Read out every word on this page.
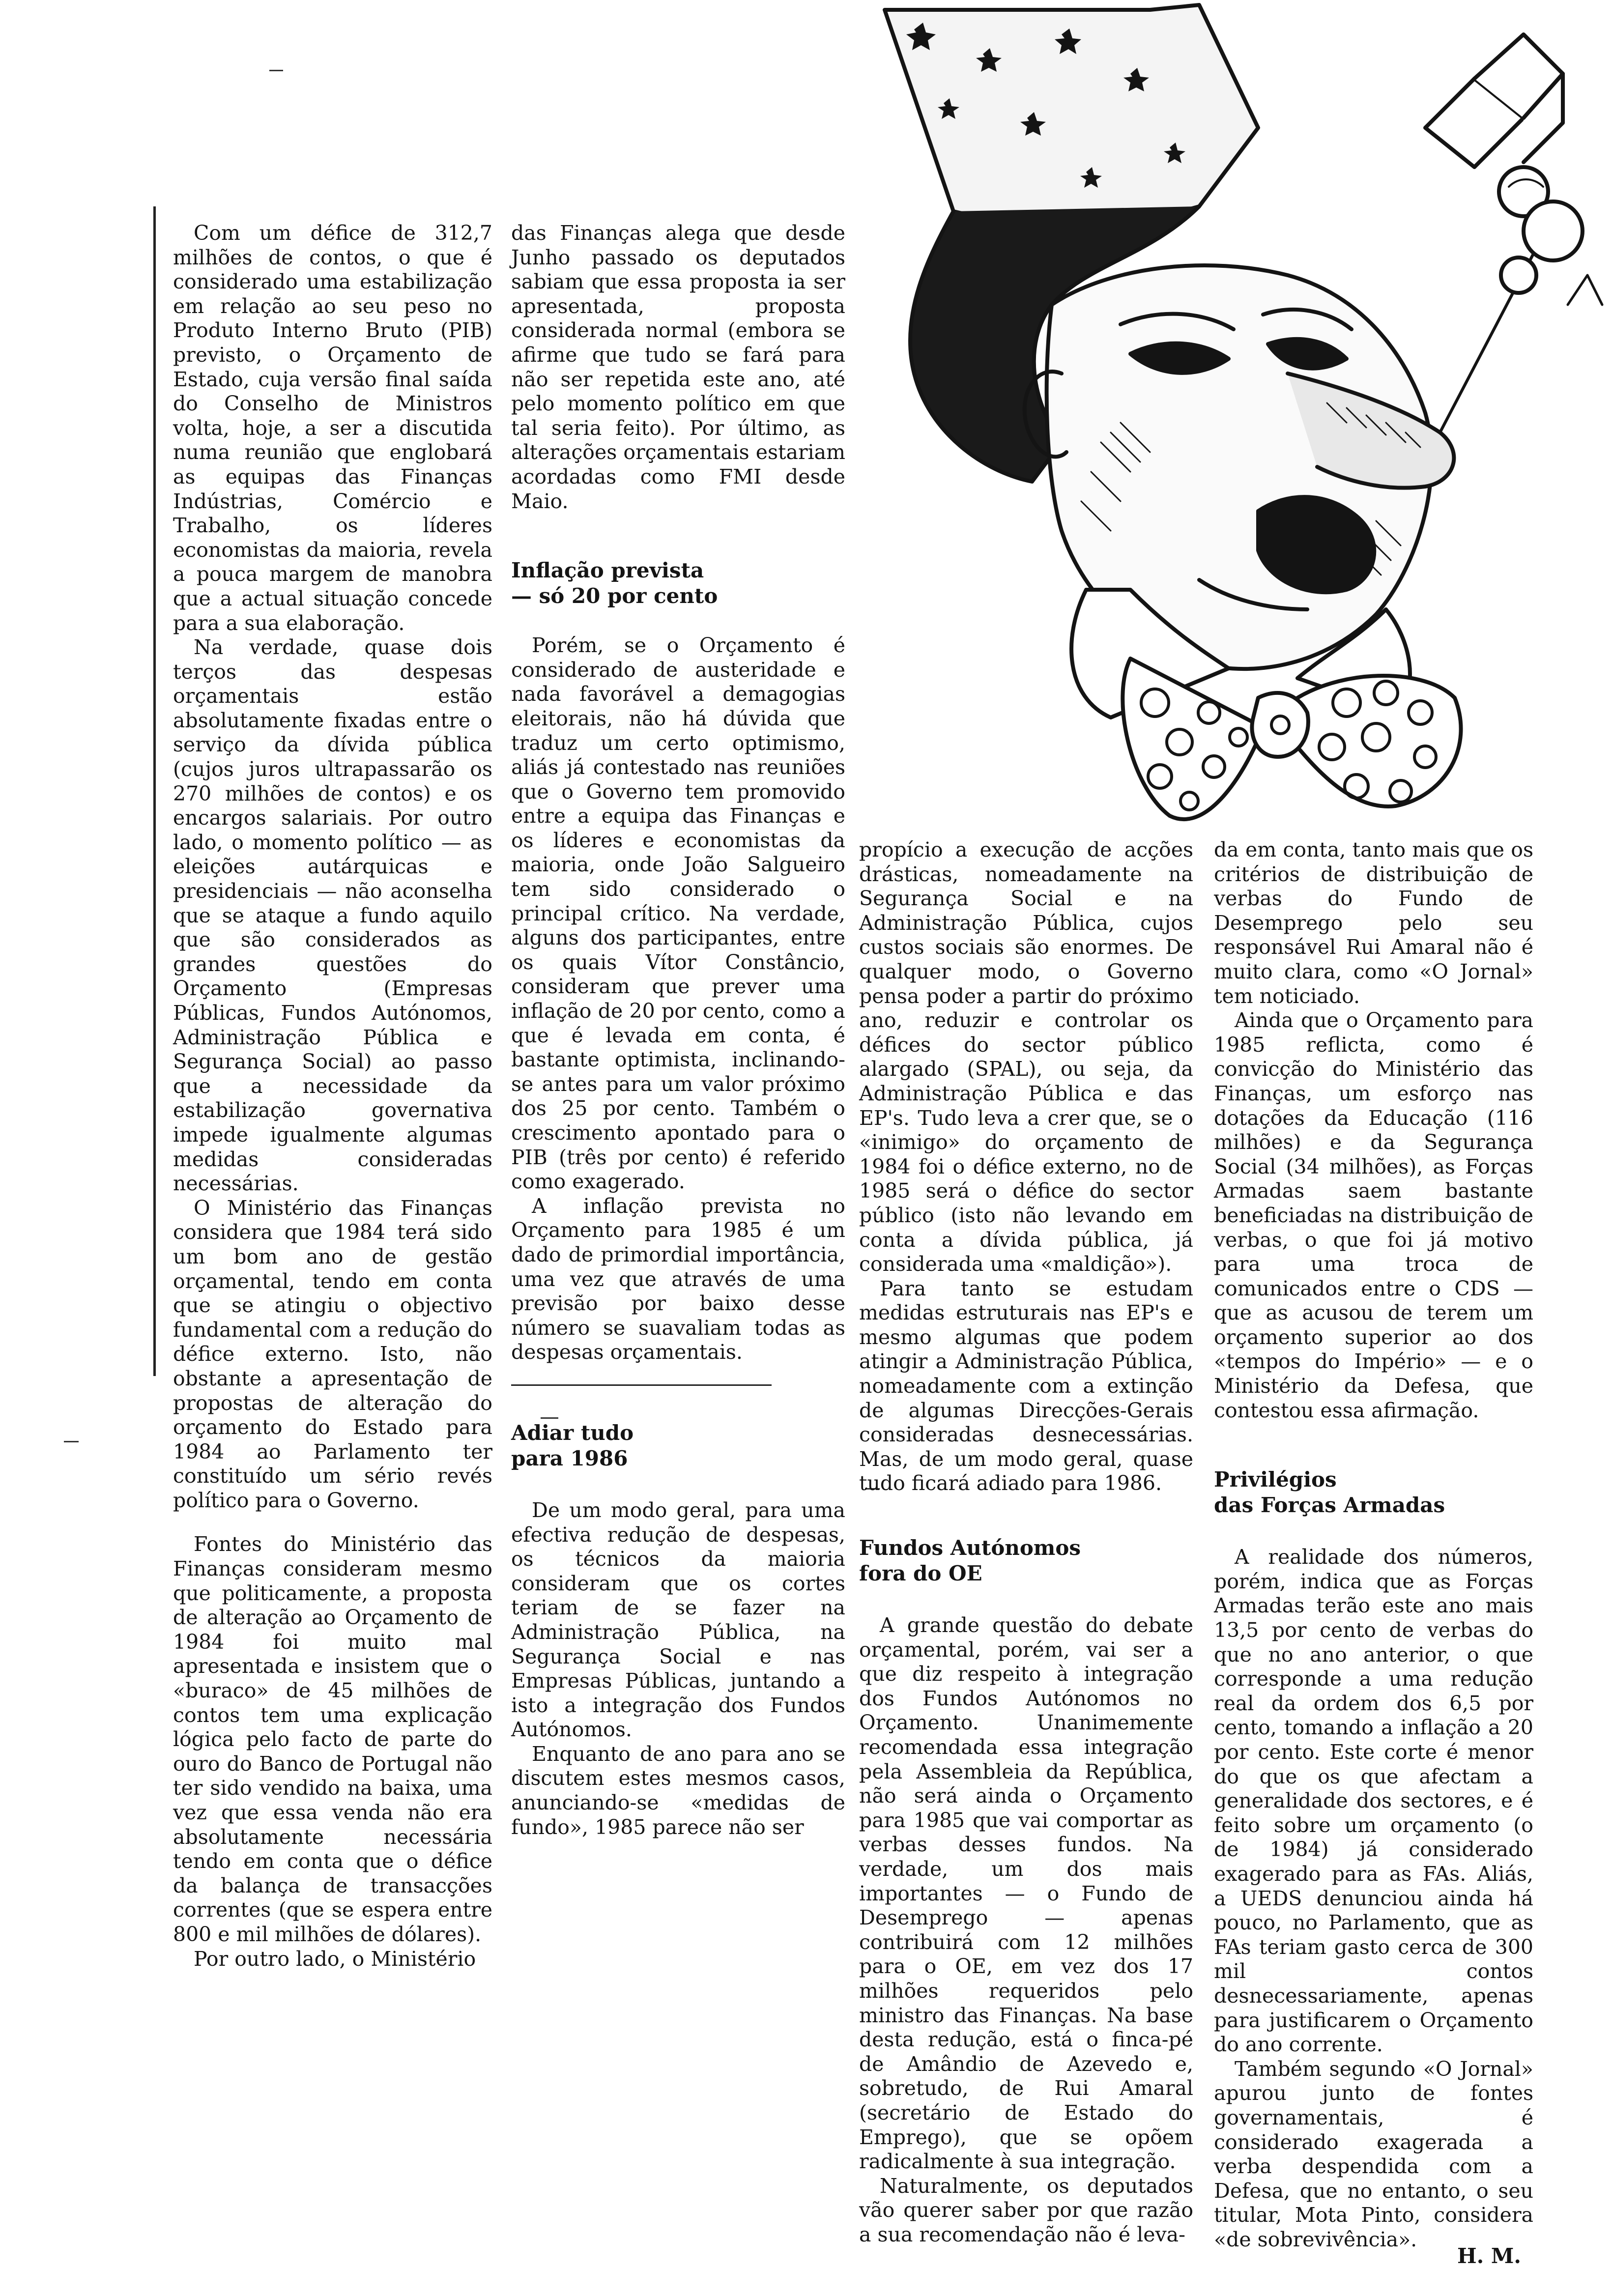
Com um défice de 312,7 milhões de contos, o que é considerado uma estabilização em relação ao seu peso no Produto Interno Bruto (PIB) previsto, o Orçamento de Estado, cuja versão final saída do Conselho de Ministros volta, hoje, a ser a discutida numa reunião que englobará as equipas das Finanças Indústrias, Comércio e Trabalho, os líderes economistas da maioria, revela a pouca margem de manobra que a actual situação concede para a sua elaboração.

Na verdade, quase dois terços das despesas orçamentais estão absolutamente fixadas entre o serviço da dívida pública (cujos juros ultrapassarão os 270 milhões de contos) e os encargos salariais. Por outro lado, o momento político — as eleições autárquicas e presidenciais — não aconselha que se ataque a fundo aquilo que são considerados as grandes questões do Orçamento (Empresas Públicas, Fundos Autónomos, Administração Pública e Segurança Social) ao passo que a necessidade da estabilização governativa impede igualmente algumas medidas consideradas necessárias.

O Ministério das Finanças considera que 1984 terá sido um bom ano de gestão orçamental, tendo em conta que se atingiu o objectivo fundamental com a redução do défice externo. Isto, não obstante a apresentação de propostas de alteração do orçamento do Estado para 1984 ao Parlamento ter constituído um sério revés político para o Governo.

Fontes do Ministério das Finanças consideram mesmo que politicamente, a proposta de alteração ao Orçamento de 1984 foi muito mal apresentada e insistem que o «buraco» de 45 milhões de contos tem uma explicação lógica pelo facto de parte do ouro do Banco de Portugal não ter sido vendido na baixa, uma vez que essa venda não era absolutamente necessária tendo em conta que o défice da balança de transacções correntes (que se espera entre 800 e mil milhões de dólares).

Por outro lado, o Ministério

das Finanças alega que desde Junho passado os deputados sabiam que essa proposta ia ser apresentada, proposta considerada normal (embora se afirme que tudo se fará para não ser repetida este ano, até pelo momento político em que tal seria feito). Por último, as alterações orçamentais estariam acordadas como FMI desde Maio.

Inflação prevista
— só 20 por cento

Porém, se o Orçamento é considerado de austeridade e nada favorável a demagogias eleitorais, não há dúvida que traduz um certo optimismo, aliás já contestado nas reuniões que o Governo tem promovido entre a equipa das Finanças e os líderes e economistas da maioria, onde João Salgueiro tem sido considerado o principal crítico. Na verdade, alguns dos participantes, entre os quais Vítor Constâncio, consideram que prever uma inflação de 20 por cento, como a que é levada em conta, é bastante optimista, inclinando-se antes para um valor próximo dos 25 por cento. Também o crescimento apontado para o PIB (três por cento) é referido como exagerado.

A inflação prevista no Orçamento para 1985 é um dado de primordial importância, uma vez que através de uma previsão por baixo desse número se suavaliam todas as despesas orçamentais.

Adiar tudo
para 1986

De um modo geral, para uma efectiva redução de despesas, os técnicos da maioria consideram que os cortes teriam de se fazer na Administração Pública, na Segurança Social e nas Empresas Públicas, juntando a isto a integração dos Fundos Autónomos.

Enquanto de ano para ano se discutem estes mesmos casos, anunciando-se «medidas de fundo», 1985 parece não ser

propício a execução de acções drásticas, nomeadamente na Segurança Social e na Administração Pública, cujos custos sociais são enormes. De qualquer modo, o Governo pensa poder a partir do próximo ano, reduzir e controlar os défices do sector público alargado (SPAL), ou seja, da Administração Pública e das EP's. Tudo leva a crer que, se o «inimigo» do orçamento de 1984 foi o défice externo, no de 1985 será o défice do sector público (isto não levando em conta a dívida pública, já considerada uma «maldição»).

Para tanto se estudam medidas estruturais nas EP's e mesmo algumas que podem atingir a Administração Pública, nomeadamente com a extinção de algumas Direcções-Gerais consideradas desnecessárias. Mas, de um modo geral, quase tudo ficará adiado para 1986.

Fundos Autónomos
fora do OE

A grande questão do debate orçamental, porém, vai ser a que diz respeito à integração dos Fundos Autónomos no Orçamento. Unanimemente recomendada essa integração pela Assembleia da República, não será ainda o Orçamento para 1985 que vai comportar as verbas desses fundos. Na verdade, um dos mais importantes — o Fundo de Desemprego — apenas contribuirá com 12 milhões para o OE, em vez dos 17 milhões requeridos pelo ministro das Finanças. Na base desta redução, está o finca-pé de Amândio de Azevedo e, sobretudo, de Rui Amaral (secretário de Estado do Emprego), que se opõem radicalmente à sua integração.

Naturalmente, os deputados vão querer saber por que razão a sua recomendação não é leva-

da em conta, tanto mais que os critérios de distribuição de verbas do Fundo de Desemprego pelo seu responsável Rui Amaral não é muito clara, como «O Jornal» tem noticiado.

Ainda que o Orçamento para 1985 reflicta, como é convicção do Ministério das Finanças, um esforço nas dotações da Educação (116 milhões) e da Segurança Social (34 milhões), as Forças Armadas saem bastante beneficiadas na distribuição de verbas, o que foi já motivo para uma troca de comunicados entre o CDS — que as acusou de terem um orçamento superior ao dos «tempos do Império» — e o Ministério da Defesa, que contestou essa afirmação.

Privilégios
das Forças Armadas

A realidade dos números, porém, indica que as Forças Armadas terão este ano mais 13,5 por cento de verbas do que no ano anterior, o que corresponde a uma redução real da ordem dos 6,5 por cento, tomando a inflação a 20 por cento. Este corte é menor do que os que afectam a generalidade dos sectores, e é feito sobre um orçamento (o de 1984) já considerado exagerado para as FAs. Aliás, a UEDS denunciou ainda há pouco, no Parlamento, que as FAs teriam gasto cerca de 300 mil contos desnecessariamente, apenas para justificarem o Orçamento do ano corrente.

Também segundo «O Jornal» apurou junto de fontes governamentais, é considerado exagerada a verba despendida com a Defesa, que no entanto, o seu titular, Mota Pinto, considera «de sobrevivência».

H. M.
